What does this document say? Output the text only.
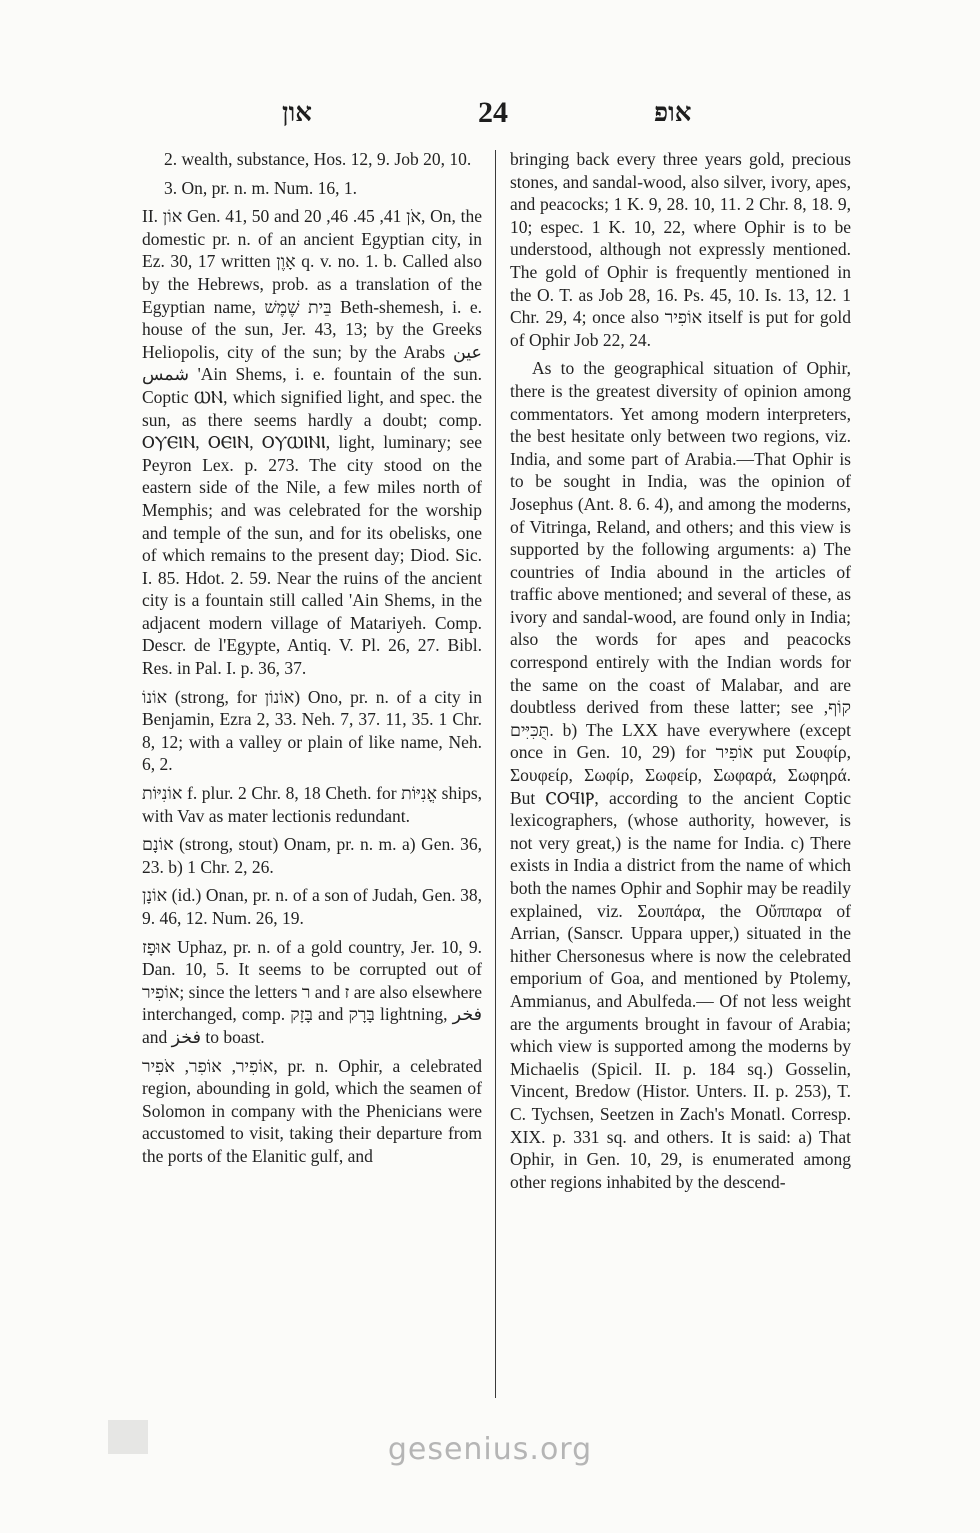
און	24	אופ

2. wealth, substance, Hos. 12, 9. Job 20, 10.

3. On, pr. n. m. Num. 16, 1.

II. אוֹן Gen. 41, 50 and אֹן 41, 45. 46, 20, On, the domestic pr. n. of an ancient Egyptian city, in Ez. 30, 17 written אָוֶן q. v. no. 1. b. Called also by the Hebrews, prob. as a translation of the Egyptian name, בֵּית שֶׁמֶשׁ Beth-shemesh, i. e. house of the sun, Jer. 43, 13; by the Greeks Heliopolis, city of the sun; by the Arabs عين شمس 'Ain Shems, i. e. fountain of the sun. Coptic ⲰⲚ, which signified light, and spec. the sun, as there seems hardly a doubt; comp. ⲞⲨⲈⲒⲚ, ⲞⲈⲒⲚ, ⲞⲨⲰⲒⲚⲒ, light, luminary; see Peyron Lex. p. 273. The city stood on the eastern side of the Nile, a few miles north of Memphis; and was celebrated for the worship and temple of the sun, and for its obelisks, one of which remains to the present day; Diod. Sic. I. 85. Hdot. 2. 59. Near the ruins of the ancient city is a fountain still called 'Ain Shems, in the adjacent modern village of Matariyeh. Comp. Descr. de l'Egypte, Antiq. V. Pl. 26, 27. Bibl. Res. in Pal. I. p. 36, 37.

אוֹנוֹ (strong, for אוֹנוֹן) Ono, pr. n. of a city in Benjamin, Ezra 2, 33. Neh. 7, 37. 11, 35. 1 Chr. 8, 12; with a valley or plain of like name, Neh. 6, 2.

אוֹנִיּוֹת f. plur. 2 Chr. 8, 18 Cheth. for אֳנִיּוֹת ships, with Vav as mater lectionis redundant.

אוֹנָם (strong, stout) Onam, pr. n. m. a) Gen. 36, 23. b) 1 Chr. 2, 26.

אוֹנָן (id.) Onan, pr. n. of a son of Judah, Gen. 38, 9. 46, 12. Num. 26, 19.

אוּפָז Uphaz, pr. n. of a gold country, Jer. 10, 9. Dan. 10, 5. It seems to be corrupted out of אוֹפִיר; since the letters ר and ז are also elsewhere interchanged, comp. בָּזָק and בָּרָק lightning, فخر and فخز to boast.

אוֹפִיר, אוֹפִר, אֹפִיר, pr. n. Ophir, a celebrated region, abounding in gold, which the seamen of Solomon in company with the Phenicians were accustomed to visit, taking their departure from the ports of the Elanitic gulf, and

bringing back every three years gold, precious stones, and sandal-wood, also silver, ivory, apes, and peacocks; 1 K. 9, 28. 10, 11. 2 Chr. 8, 18. 9, 10; espec. 1 K. 10, 22, where Ophir is to be understood, although not expressly mentioned. The gold of Ophir is frequently mentioned in the O. T. as Job 28, 16. Ps. 45, 10. Is. 13, 12. 1 Chr. 29, 4; once also אוֹפִיר itself is put for gold of Ophir Job 22, 24.

As to the geographical situation of Ophir, there is the greatest diversity of opinion among commentators. Yet among modern interpreters, the best hesitate only between two regions, viz. India, and some part of Arabia.—That Ophir is to be sought in India, was the opinion of Josephus (Ant. 8. 6. 4), and among the moderns, of Vitringa, Reland, and others; and this view is supported by the following arguments: a) The countries of India abound in the articles of traffic above mentioned; and several of these, as ivory and sandal-wood, are found only in India; also the words for apes and peacocks correspond entirely with the Indian words for the same on the coast of Malabar, and are doubtless derived from these latter; see קוֹף, תֻּכִּיִּים. b) The LXX have everywhere (except once in Gen. 10, 29) for אוֹפִיר put Σουφίρ, Σουφείρ, Σωφίρ, Σωφείρ, Σωφαρά, Σωφηρά. But ⲤⲞϤⲒⲢ, according to the ancient Coptic lexicographers, (whose authority, however, is not very great,) is the name for India. c) There exists in India a district from the name of which both the names Ophir and Sophir may be readily explained, viz. Σουπάρα, the Οὔππαρα of Arrian, (Sanscr. Uppara upper,) situated in the hither Chersonesus where is now the celebrated emporium of Goa, and mentioned by Ptolemy, Ammianus, and Abulfeda.— Of not less weight are the arguments brought in favour of Arabia; which view is supported among the moderns by Michaelis (Spicil. II. p. 184 sq.) Gosselin, Vincent, Bredow (Histor. Unters. II. p. 253), T. C. Tychsen, Seetzen in Zach's Monatl. Corresp. XIX. p. 331 sq. and others. It is said: a) That Ophir, in Gen. 10, 29, is enumerated among other regions inhabited by the descend-

gesenius.org
